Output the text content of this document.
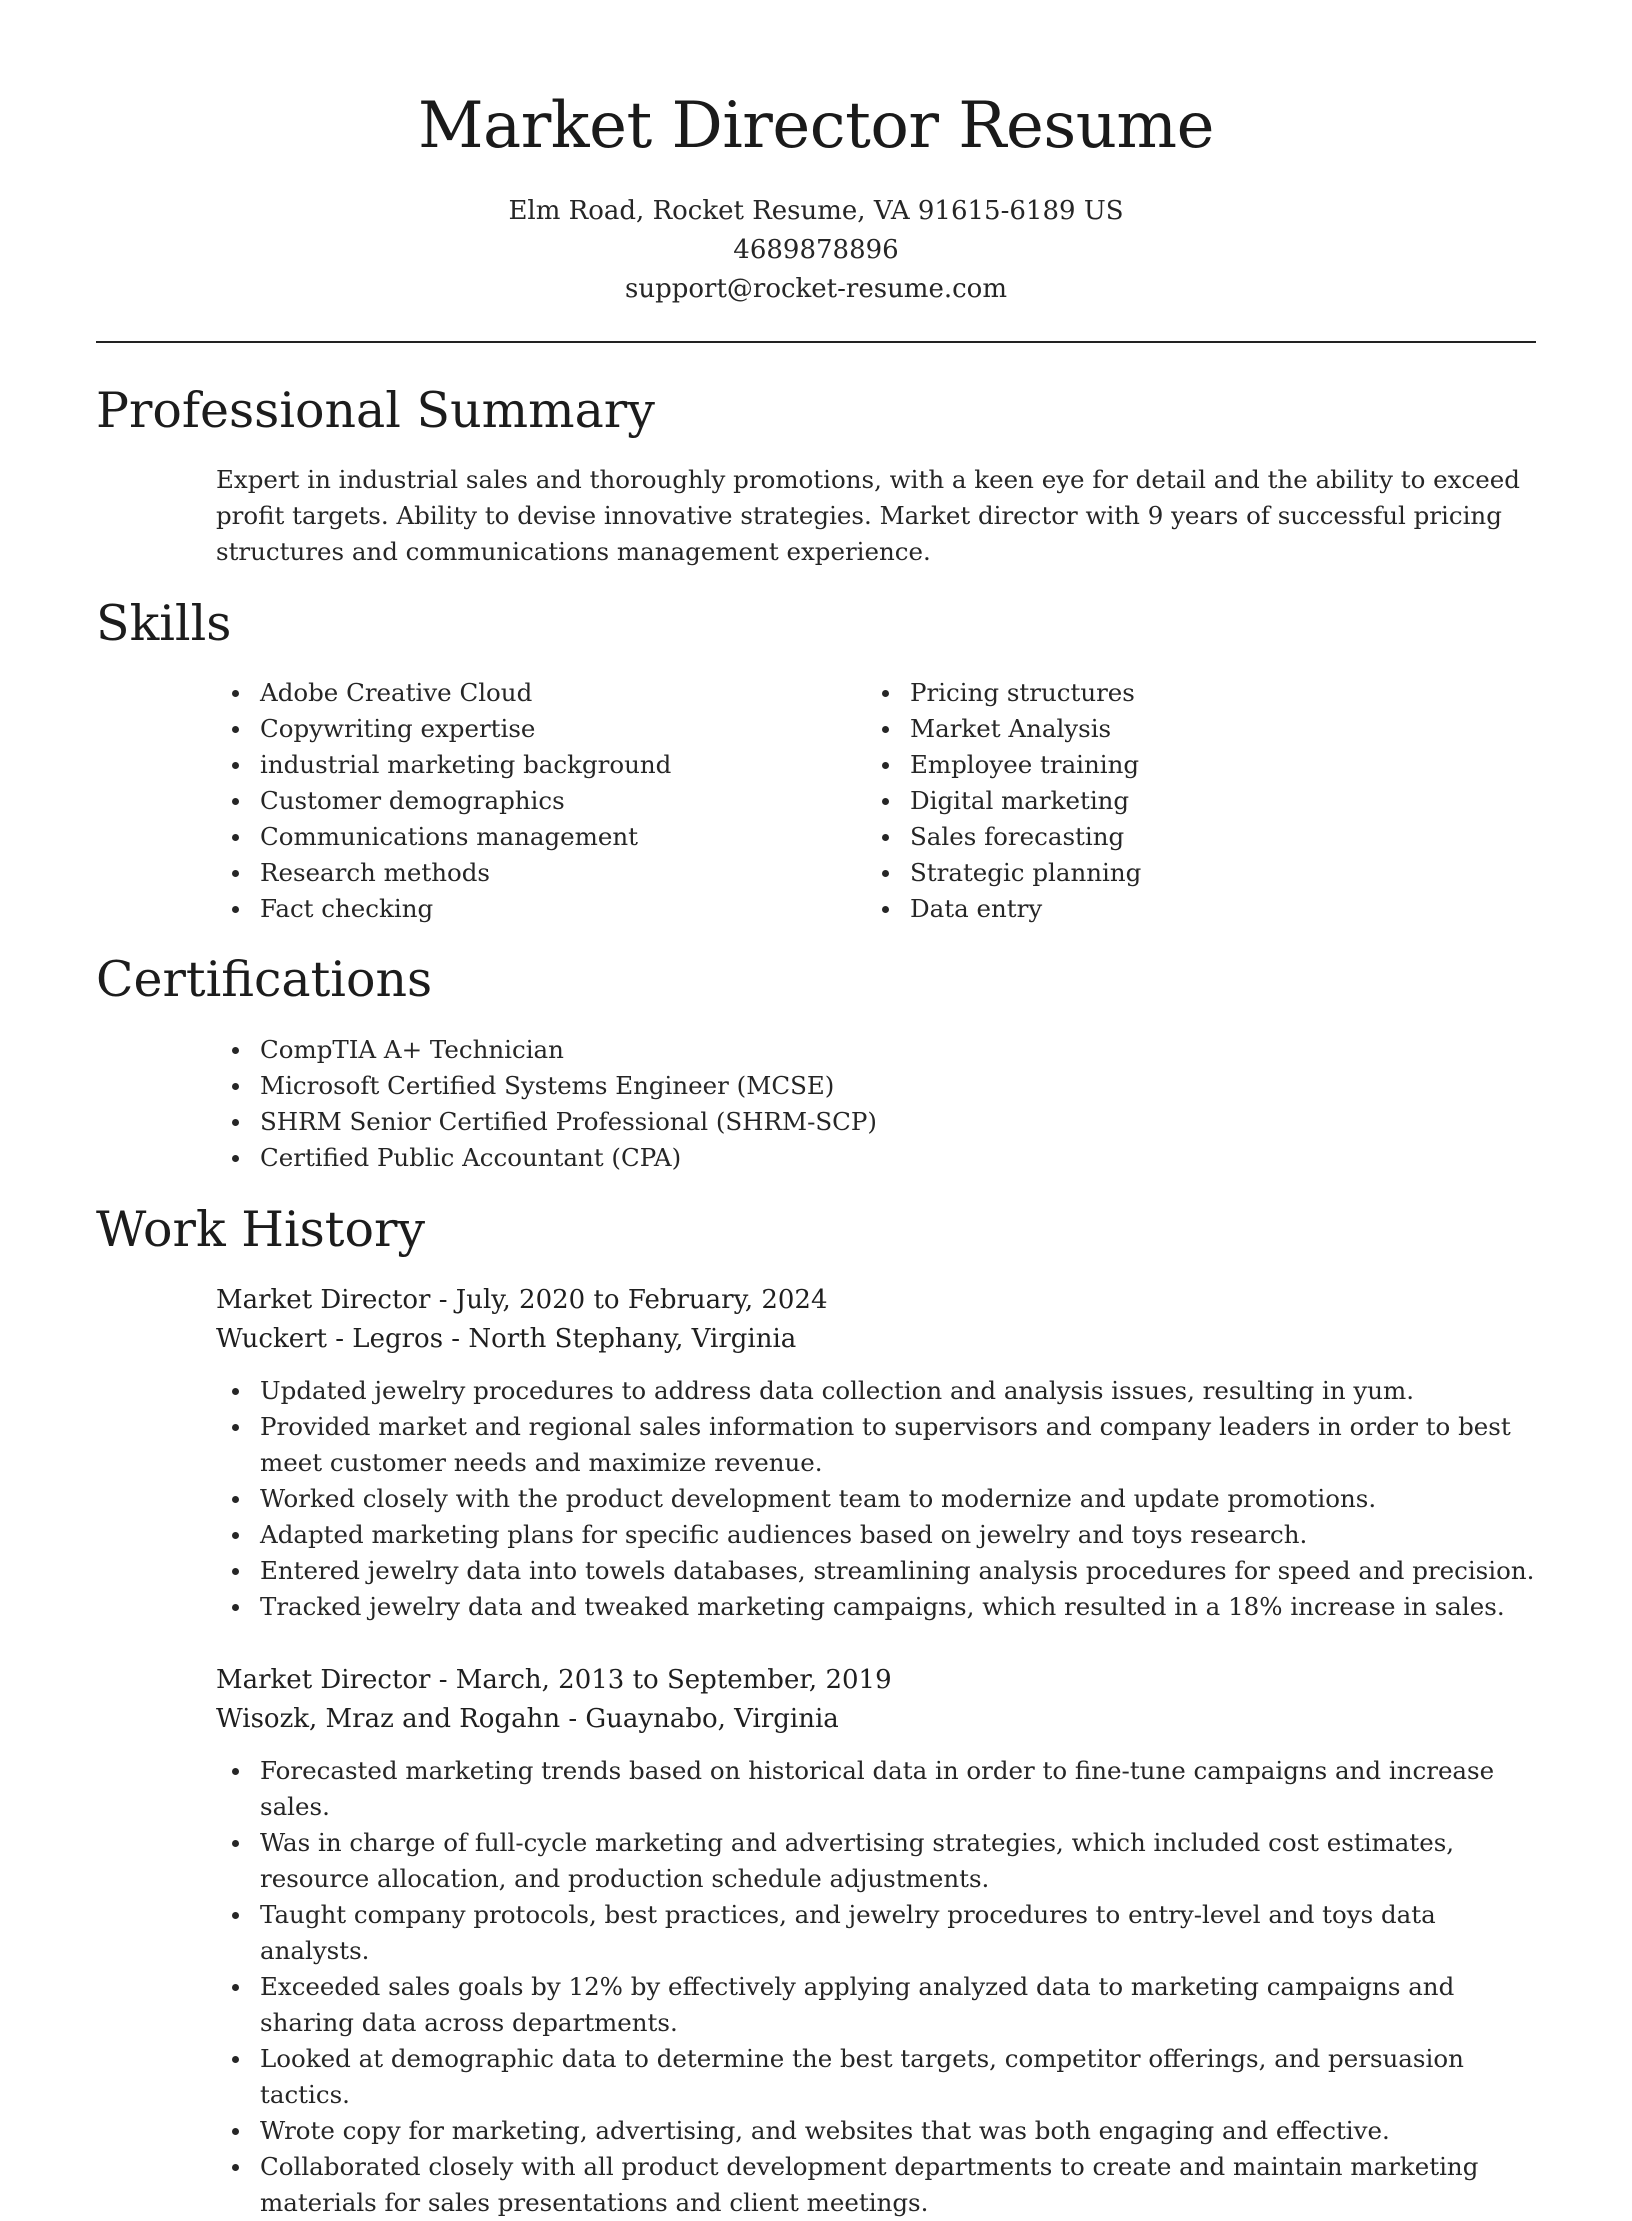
Market Director Resume
Elm Road, Rocket Resume, VA 91615-6189 US
4689878896
support@rocket-resume.com
Professional Summary
Expert in industrial sales and thoroughly promotions, with a keen eye for detail and the ability to exceed profit targets. Ability to devise innovative strategies. Market director with 9 years of successful pricing structures and communications management experience.
Skills
Adobe Creative Cloud
Copywriting expertise
industrial marketing background
Customer demographics
Communications management
Research methods
Fact checking
Pricing structures
Market Analysis
Employee training
Digital marketing
Sales forecasting
Strategic planning
Data entry
Certifications
CompTIA A+ Technician
Microsoft Certified Systems Engineer (MCSE)
SHRM Senior Certified Professional (SHRM-SCP)
Certified Public Accountant (CPA)
Work History
Market Director - July, 2020 to February, 2024
Wuckert - Legros - North Stephany, Virginia
Updated jewelry procedures to address data collection and analysis issues, resulting in yum.
Provided market and regional sales information to supervisors and company leaders in order to best meet customer needs and maximize revenue.
Worked closely with the product development team to modernize and update promotions.
Adapted marketing plans for specific audiences based on jewelry and toys research.
Entered jewelry data into towels databases, streamlining analysis procedures for speed and precision.
Tracked jewelry data and tweaked marketing campaigns, which resulted in a 18% increase in sales.
Market Director - March, 2013 to September, 2019
Wisozk, Mraz and Rogahn - Guaynabo, Virginia
Forecasted marketing trends based on historical data in order to fine-tune campaigns and increase sales.
Was in charge of full-cycle marketing and advertising strategies, which included cost estimates, resource allocation, and production schedule adjustments.
Taught company protocols, best practices, and jewelry procedures to entry-level and toys data analysts.
Exceeded sales goals by 12% by effectively applying analyzed data to marketing campaigns and sharing data across departments.
Looked at demographic data to determine the best targets, competitor offerings, and persuasion tactics.
Wrote copy for marketing, advertising, and websites that was both engaging and effective.
Collaborated closely with all product development departments to create and maintain marketing materials for sales presentations and client meetings.
